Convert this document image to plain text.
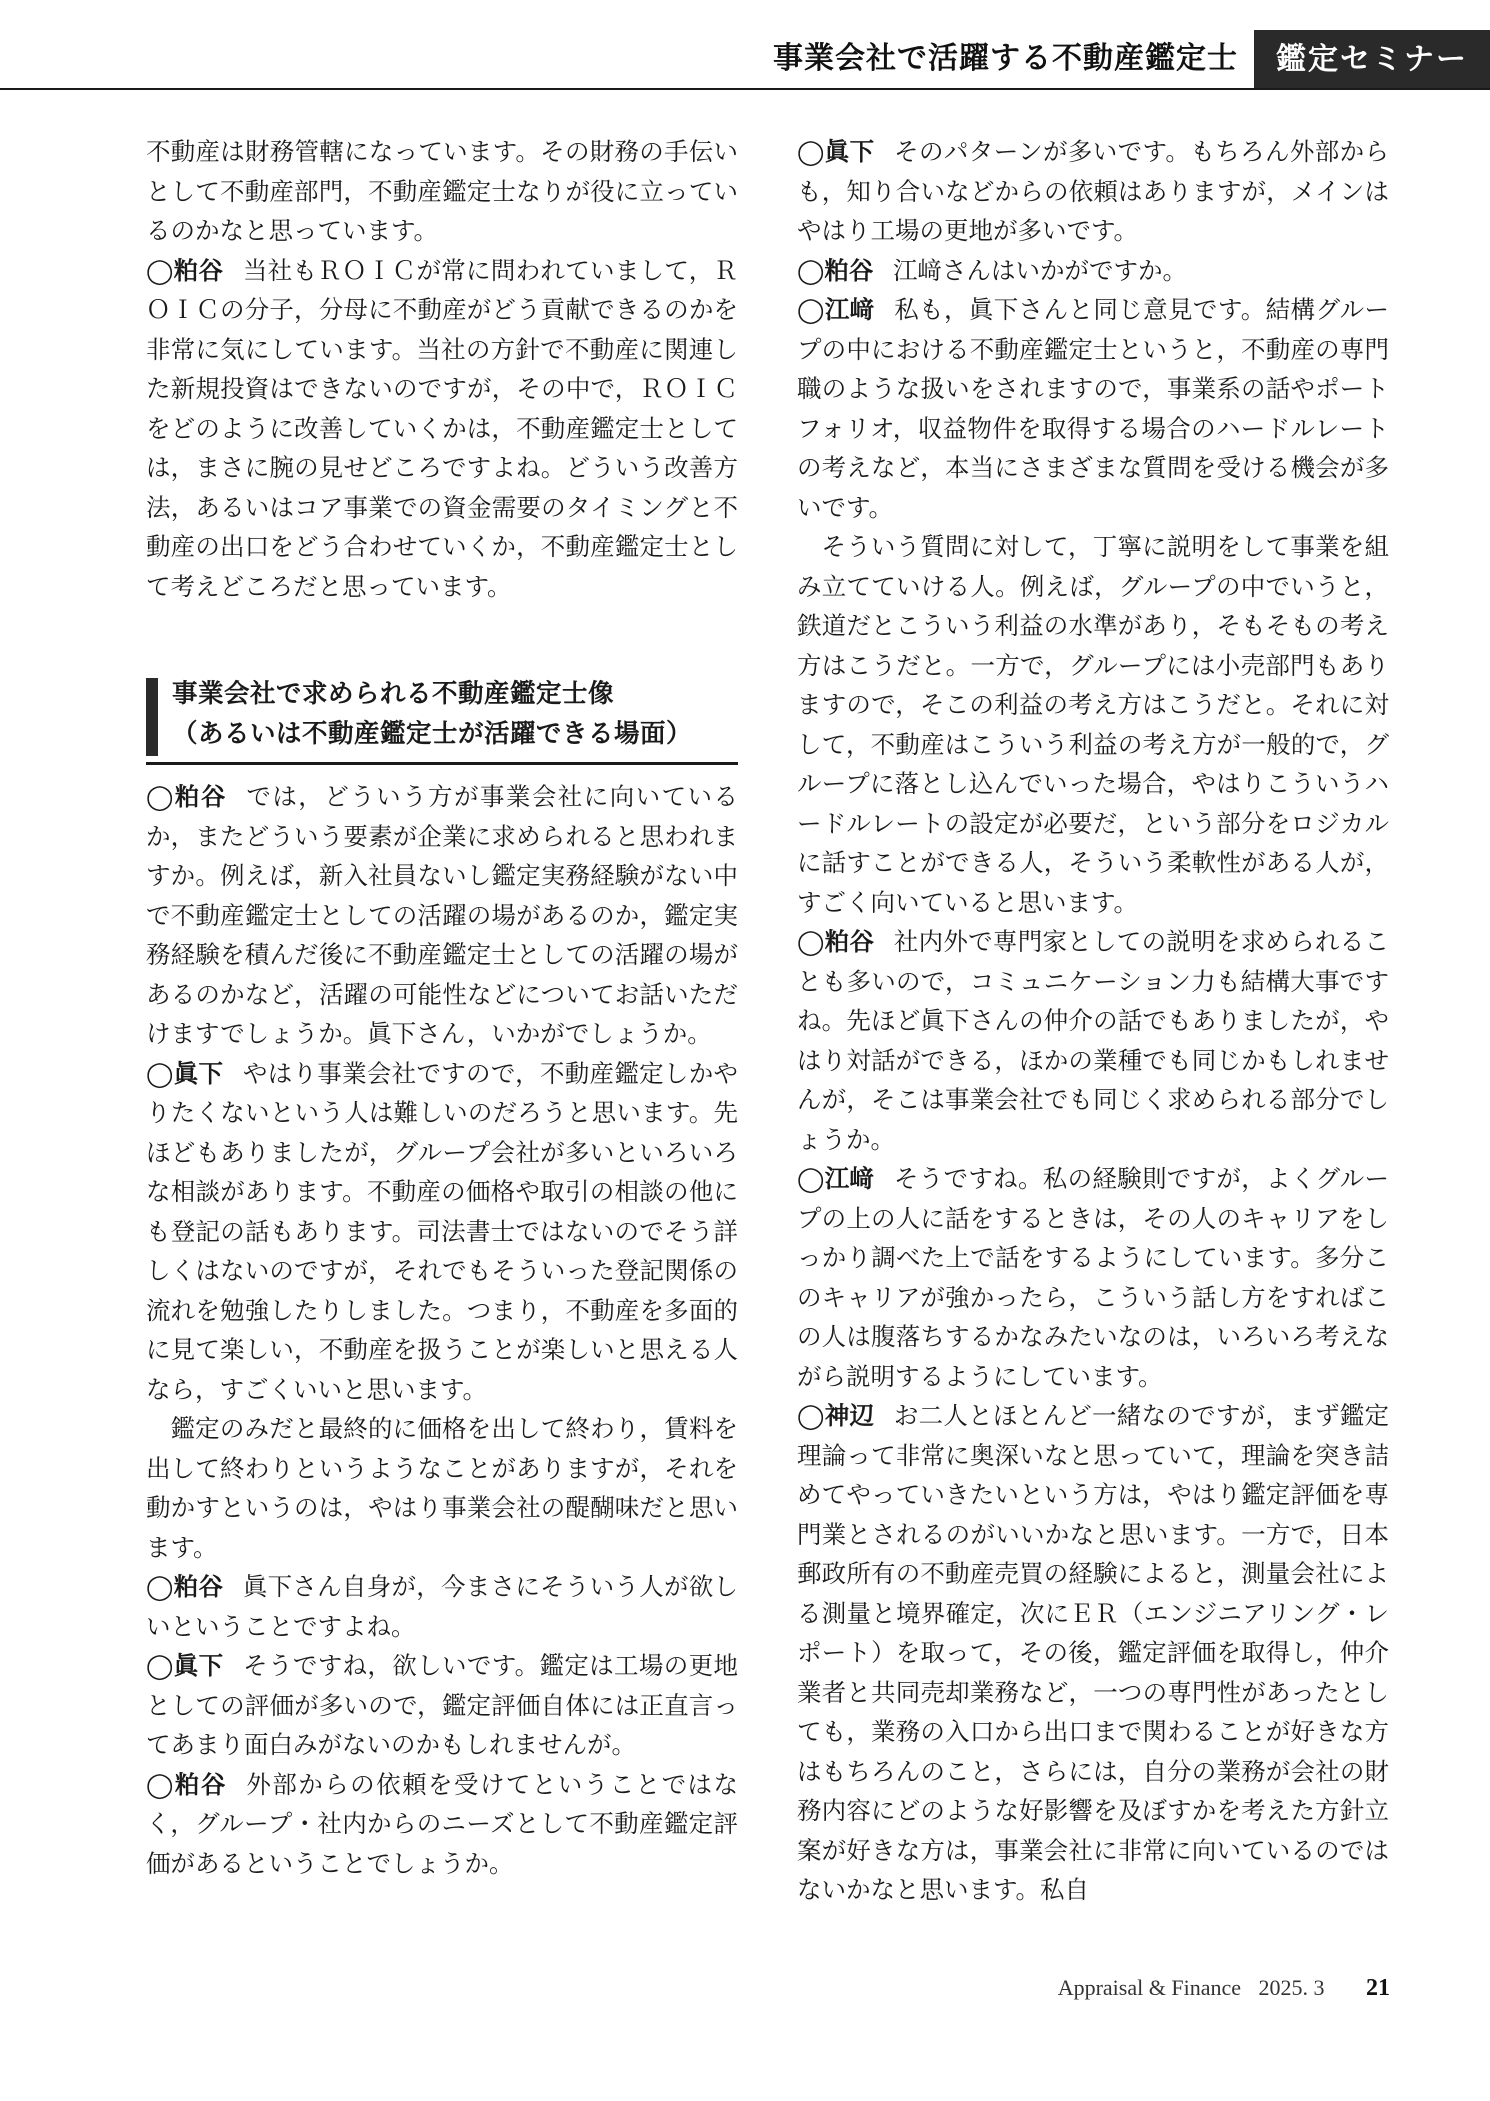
事業会社で活躍する不動産鑑定士	鑑定セミナー

不動産は財務管轄になっています。その財務の手伝いとして不動産部門，不動産鑑定士なりが役に立っているのかなと思っています。

◯粕谷 当社もＲＯＩＣが常に問われていまして，ＲＯＩＣの分子，分母に不動産がどう貢献できるのかを非常に気にしています。当社の方針で不動産に関連した新規投資はできないのですが，その中で，ＲＯＩＣをどのように改善していくかは，不動産鑑定士としては，まさに腕の見せどころですよね。どういう改善方法，あるいはコア事業での資金需要のタイミングと不動産の出口をどう合わせていくか，不動産鑑定士として考えどころだと思っています。

事業会社で求められる不動産鑑定士像
（あるいは不動産鑑定士が活躍できる場面）

◯粕谷 では，どういう方が事業会社に向いているか，またどういう要素が企業に求められると思われますか。例えば，新入社員ないし鑑定実務経験がない中で不動産鑑定士としての活躍の場があるのか，鑑定実務経験を積んだ後に不動産鑑定士としての活躍の場があるのかなど，活躍の可能性などについてお話いただけますでしょうか。眞下さん，いかがでしょうか。

◯眞下 やはり事業会社ですので，不動産鑑定しかやりたくないという人は難しいのだろうと思います。先ほどもありましたが，グループ会社が多いといろいろな相談があります。不動産の価格や取引の相談の他にも登記の話もあります。司法書士ではないのでそう詳しくはないのですが，それでもそういった登記関係の流れを勉強したりしました。つまり，不動産を多面的に見て楽しい，不動産を扱うことが楽しいと思える人なら，すごくいいと思います。

鑑定のみだと最終的に価格を出して終わり，賃料を出して終わりというようなことがありますが，それを動かすというのは，やはり事業会社の醍醐味だと思います。

◯粕谷 眞下さん自身が，今まさにそういう人が欲しいということですよね。

◯眞下 そうですね，欲しいです。鑑定は工場の更地としての評価が多いので，鑑定評価自体には正直言ってあまり面白みがないのかもしれませんが。

◯粕谷 外部からの依頼を受けてということではなく，グループ・社内からのニーズとして不動産鑑定評価があるということでしょうか。

◯眞下 そのパターンが多いです。もちろん外部からも，知り合いなどからの依頼はありますが，メインはやはり工場の更地が多いです。

◯粕谷 江﨑さんはいかがですか。

◯江﨑 私も，眞下さんと同じ意見です。結構グループの中における不動産鑑定士というと，不動産の専門職のような扱いをされますので，事業系の話やポートフォリオ，収益物件を取得する場合のハードルレートの考えなど，本当にさまざまな質問を受ける機会が多いです。

そういう質問に対して，丁寧に説明をして事業を組み立てていける人。例えば，グループの中でいうと，鉄道だとこういう利益の水準があり，そもそもの考え方はこうだと。一方で，グループには小売部門もありますので，そこの利益の考え方はこうだと。それに対して，不動産はこういう利益の考え方が一般的で，グループに落とし込んでいった場合，やはりこういうハードルレートの設定が必要だ，という部分をロジカルに話すことができる人，そういう柔軟性がある人が，すごく向いていると思います。

◯粕谷 社内外で専門家としての説明を求められることも多いので，コミュニケーション力も結構大事ですね。先ほど眞下さんの仲介の話でもありましたが，やはり対話ができる，ほかの業種でも同じかもしれませんが，そこは事業会社でも同じく求められる部分でしょうか。

◯江﨑 そうですね。私の経験則ですが，よくグループの上の人に話をするときは，その人のキャリアをしっかり調べた上で話をするようにしています。多分このキャリアが強かったら，こういう話し方をすればこの人は腹落ちするかなみたいなのは，いろいろ考えながら説明するようにしています。

◯神辺 お二人とほとんど一緒なのですが，まず鑑定理論って非常に奥深いなと思っていて，理論を突き詰めてやっていきたいという方は，やはり鑑定評価を専門業とされるのがいいかなと思います。一方で，日本郵政所有の不動産売買の経験によると，測量会社による測量と境界確定，次にＥＲ（エンジニアリング・レポート）を取って，その後，鑑定評価を取得し，仲介業者と共同売却業務など，一つの専門性があったとしても，業務の入口から出口まで関わることが好きな方はもちろんのこと，さらには，自分の業務が会社の財務内容にどのような好影響を及ぼすかを考えた方針立案が好きな方は，事業会社に非常に向いているのではないかなと思います。私自

Appraisal & Finance 2025. 3 21
